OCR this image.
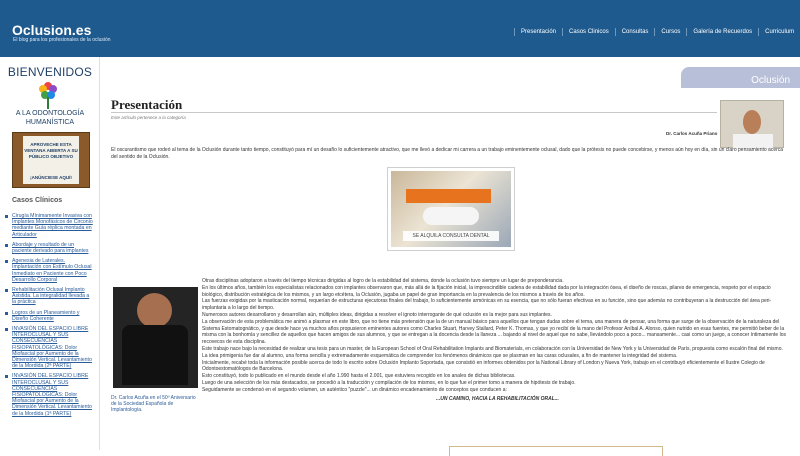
Oclusion.es
El blog para los profesionales de la oclusión
Presentación	Casos Clinicos	Consultas	Cursos	Galería de Recuerdos	Curriculum
BIENVENIDOS
A LA ODONTOLOGÍA HUMANÍSTICA
APROVECHE ESTA VENTANA ABIERTA A SU PÚBLICO OBJETIVO
¡ANÚNCIESE AQUÍ!
Casos Clínicos
Cirugía Mínimamente Invasiva con Implantes Monofásicos de Circonio mediante Guía réplica montada en Articulador
Abordaje y resultado de un paciente derivado para implantes
Agenesia de Laterales. Implantación con Estímulo Oclusal Inmediato en Paciente con Poco Desarrollo Corporal
Rehabilitación Oclusal Implanto Asistida. La integralidad llevada a la práctica
Logros de un Planeamiento y Diseño Coherente
INVASIÓN DEL ESPACIO LIBRE INTEROCLUSAL Y SUS CONSECUENCIAS FISIOPATOLÓGICAS: Dolor Miofascial por Aumento de la Dimensión Vertical. Levantamiento de la Mordida (2ª PARTE)
INVASIÓN DEL ESPACIO LIBRE INTEROCLUSAL Y SUS CONSECUENCIAS FISIOPATOLÓGICAS: Dolor Miofascial por Aumento de la Dimensión Vertical. Levantamiento de la Mordida (1ª PARTE)
Oclusión
Presentación
Este artículo pertenece a la categoría
Dr. Carlos Acuña Priano
El oscurantismo que rodeó al tema de la Oclusión durante tanto tiempo, constituyó para mí un desafío lo suficientemente atractivo, que me llevó a dedicar mi carrera a un trabajo eminentemente oclusal, dado que la prótesis no puede concebirse, y menos aún hoy en día, sin un claro pensamiento acerca del sentido de la Oclusión.
SE ALQUILA CONSULTA DENTAL
Dr. Carlos Acuña en el 50º Aniversario de la Sociedad Española de Implantología.

Otras disciplinas adoptaron a través del tiempo técnicas dirigidas al logro de la estabilidad del sistema, donde la oclusión tuvo siempre un lugar de preponderancia.

En los últimos años, también los especialistas relacionados con implantes observaron que, más allá de la fijación inicial, la imprescindible cadena de estabilidad dada por la integración ósea, el diseño de roscas, pilares de emergencia, respeto por el espacio biológico, distribución estratégica de los mismos, y un largo etcétera, la Oclusión, jugaba un papel de gran importancia en la prevalencia de los mismos a través de los años.

Las fuerzas exigidas por la masticación normal, requerían de estructuras ejecutoras finales del trabajo, lo suficientemente armónicas en su esencia, que no sólo fueran efectivas en su función, sino que además no contribuyeran a la destrucción del área peri-implantaria a lo largo del tiempo.

Numerosos autores desarrollaron y desarrollan aún, múltiples ideas, dirigidas a resolver el ignoto interrogante de qué oclusión es la mejor para sus implantes.

La observación de esta problemática me animó a plasmar en este libro, que no tiene más pretensión que la de un manual básico para aquellos que tengan dudas sobre el tema, una manera de pensar, una forma que surge de la observación de la naturaleza del Sistema Estomatognático, y que desde hace ya muchos años propusieron eminentes autores como Charles Stuart, Harvey Stallard, Peter K. Thomas, y que yo recibí de la mano del Profesor Aníbal A. Alonso, quien nutrido en esas fuentes, me permitió beber de la misma con la bonhomía y sencillez de aquellos que hacen amigos de sus alumnos, y que se entregan a la docencia desde la llaneza ... bajando al nivel de aquel que no sabe, llevándolo poco a poco... mansamente... casi como un juego, a conocer íntimamente los recovecos de esta disciplina.

Este trabajo nace bajo la necesidad de realizar una tesis para un master, de la European School of Oral Rehabilitation Implants and Biomaterials, en colaboración con la Universidad de New York y la Universidad de París, propuesta como escalón final del mismo.

La idea primigenia fue dar al alumno, una forma sencilla y extremadamente esquemática de comprender los fenómenos dinámicos que se plasman en las caras oclusales, a fin de mantener la integridad del sistema.

Inicialmente, recabé toda la información posible acerca de todo lo escrito sobre Oclusión Implanto Soportada, que consistió en informes obtenidos por la National Library of London y Nueva York, trabajo en el contribuyó eficientemente el Ilustre Colegio de Odontoestomatólogos de Barcelona.

Esto constituyó, todo lo publicado en el mundo desde el año 1.990 hasta el 2.001, que estuviera recogido en los anales de dichas bibliotecas.

Luego de una selección de los más destacados, se procedió a la traducción y compilación de los mismos, en lo que fue el primer tomo a manera de hipótesis de trabajo.

Seguidamente se condensó en el segundo volumen, un auténtico "puzzle"... un dinámico encadenamiento de conceptos que conducen a:

...UN CAMINO, HACIA LA REHABILITACIÓN ORAL...
